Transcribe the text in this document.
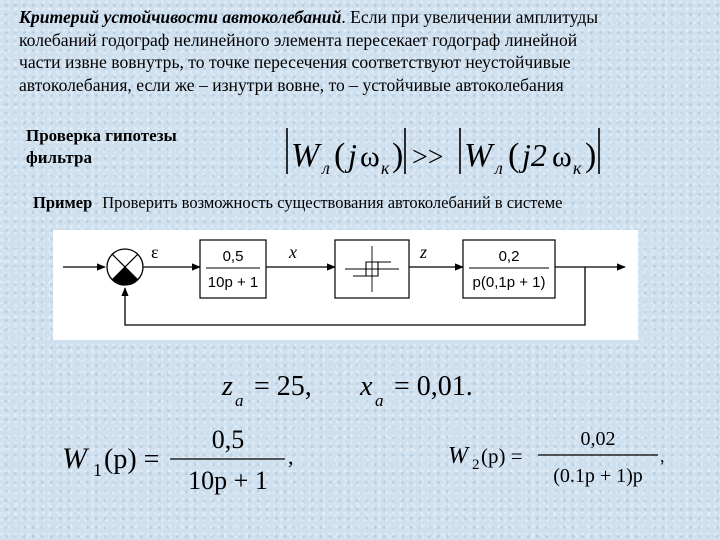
Критерий устойчивости автоколебаний. Если при увеличении амплитуды
колебаний годограф нелинейного элемента пересекает годограф линейной
части извне вовнутрь, то точке пересечения соответствуют неустойчивые
автоколебания, если же – изнутри вовне, то – устойчивые автоколебания
Проверка гипотезы
фильтра	W л ( j ω к ) >> W л ( j2 ω к )
Пример Проверить возможность существования автоколебаний в системе
ε	0,5
10p + 1
x	z	0,2
p(0,1p + 1)
z a = 25, x a = 0,01.
W 1 (p) =
0,5
10p + 1
,	W 2 (p) =
0,02
(0.1p + 1)p
,
